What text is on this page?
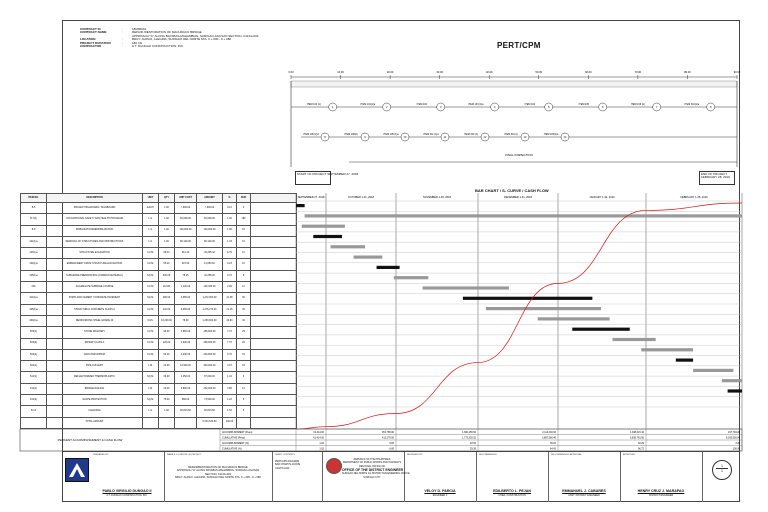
CONTRACT ID	:	18M00091
CONTRACT NAME	:	REPAIR /RESTORATION OF MACURACO BRIDGE
APPROACH "A" ALONG BAYABAS-MAHAMBOG, SURIGAO-AGUSAN SECTION, K1144+002
LOCATION	:	BRGY. ALIPAO, ALEGRIA, SURIGAO DEL NORTE STA. 0 + 000 - 0 + 080
PROJECT DURATION	:	180 CD
CONTRACTOR	:	A.T. DUNGAO CONSTRUCTION, INC.	PERT/CPM
0.00	10.00	20.00	30.00	40.00	50.00	60.00	70.00	80.00	90.00
1
ITEM 100 (1)
2
ITEM 101(1)a
3
ITEM 102
4
ITEM 103 (1)a
5
ITEM 104
6
ITEM 105
7
ITEM 106 (2)
8
ITEM 310(1)a
8
ITEM 105 (2)d
9
ITEM 108(2)
10
ITEM 105 (1)a
11
ITEM 311 (1)a
12
ITEM 310 (1)
13
ITEM 311(1)
14
ITEM 405(1)a
FINAL INSPECTION
START OF PROJECT SEPTEMBER 27, 2018	END OF PROJECT FEBRUARY 28, 2019
BAR CHART / S- CURVE / CASH FLOW
ITEM NO.	DESCRIPTION	UNIT	QTY	UNIT COST	AMOUNT	%	DUR	
B.5	PROJECT BILLBOARD / SIGNBOARD	EACH	1.00	7,900.00	7,900.00	0.13	3	
B.7(2)	OCCUPATIONAL SAFETY AND HEALTH PROGRAM	L.S.	1.00	60,000.00	60,000.00	1.00	180	
B.9	MOBILIZATION/DEMOBILIZATION	L.S.	1.00	100,000.00	100,000.00	1.66	15	
101(1)a	REMOVAL OF STRUCTURES AND OBSTRUCTIONS	L.S.	1.00	80,140.00	80,140.00	1.33	10	
103(1)a	STRUCTURE EXCAVATION	CU.M.	88.34	512.40	45,265.42	0.75	12	
104(1)a	EMBANKMENT FROM STRUCTURE EXCAVATION	CU.M.	65.20	215.50	14,050.60	0.23	10	
105(1)a	SUBGRADE PREPARATION (COMMON MATERIAL)	SQ.M.	540.00	78.25	42,255.00	0.70	8	
200	AGGREGATE SUBBASE COURSE	CU.M.	112.80	1,120.00	126,336.00	2.09	12	
311(1)a	PORTLAND CEMENT CONCRETE PAVEMENT	SQ.M.	480.00	2,650.00	1,272,000.00	21.08	30	
405(1)a	STRUCTURAL CONCRETE CLASS A	CU.M.	142.60	8,950.00	1,276,270.00	21.15	45	
404(1)a	REINFORCING STEEL GRADE 40	KGS.	16,200.00	78.00	1,263,600.00	20.94	40	
506(1)	STONE MASONRY	CU.M.	96.00	4,850.00	465,600.00	7.72	25	
505(2)	RIPRAP CLASS A	CU.M.	120.00	3,900.00	468,000.00	7.76	20	
506(2)	GROUTED RIPRAP	CU.M.	54.00	4,200.00	226,800.00	3.76	15	
500(1)	PIPE CULVERT	L.M.	24.00	12,500.00	300,000.00	4.97	18	
612(1)	REFLECTORIZED THERMOPLASTIC	SQ.M.	60.00	1,450.00	87,000.00	1.44	6	
610(1)	BRIDGE RAILING	L.M.	40.00	5,800.00	232,000.00	3.85	14	
612(2)	SLOPE PROTECTION	SQ.M.	75.00	980.00	73,500.00	1.22	8	
B.13	CLEANING	L.S.	1.00	92,813.82	92,813.82	1.54	5	
	TOTAL AMOUNT				6,033,530.84	100.00		
SEPTEMBER 27, 2018	OCTOBER 1-31, 2018	NOVEMBER 1-30, 2018	DECEMBER 1-31, 2018	JANUARY 1-31, 2019	FEBRUARY 1-28, 2019
PERCENT ACCOMPLISHMENT & CASH FLOW
ACCOMPLISHMENT (Peso)	61,414.00	351,765.00	1,360,156.52	2,114,230.94	1,948,215.10	197,749.28
CUMULATIVE (Peso)	61,414.00	413,179.00	1,773,335.52	3,887,566.46	5,835,781.56	6,033,530.84
ACCOMPLISHMENT (%)	1.02	5.83	22.54	35.04	32.29	3.28
CUMULATIVE (%)	1.02	6.85	29.39	64.43	96.72	100.00
PREPARED BY:
PABLO VIRGILIO DUNGAO II
A.T. DUNGAO CONSTRUCTION, INC.
NAME & LOCATION OF PROJECT
REPAIR/RESTORATION OF MACURACO BRIDGE
APPROACH "A" ALONG BAYABAS-MAHAMBOG, SURIGAO-AGUSAN
SECTION, K1144+002
BRGY. ALIPAO, ALEGRIA, SURIGAO DEL NORTE STA. 0 + 000 - 0 + 080
SHEET CONTENTS
PERT/CPM DIAGRAM
BAR CHART/S-CURVE
CASH FLOW
REPUBLIC OF THE PHILIPPINES
DEPARTMENT OF PUBLIC WORKS AND HIGHWAYS
REGIONAL OFFICE XIII
OFFICE OF THE DISTRICT ENGINEER
SURIGAO DEL NORTE 1st DISTRICT ENGINEERING OFFICE
SURIGAO CITY
REVIEWED BY:
VELOY D. PARCIA
ENGINEER II
RECOMMENDED:
EDILBERTO L. PEJAN
CHIEF, CONSTRUCTION
RECOMMENDING APPROVAL:
EMMANUEL J. CABARES
ASST. DISTRICT ENGINEER
APPROVED:
HENRY CRUZ J. MARAPAO
DISTRICT ENGINEER
1
1
